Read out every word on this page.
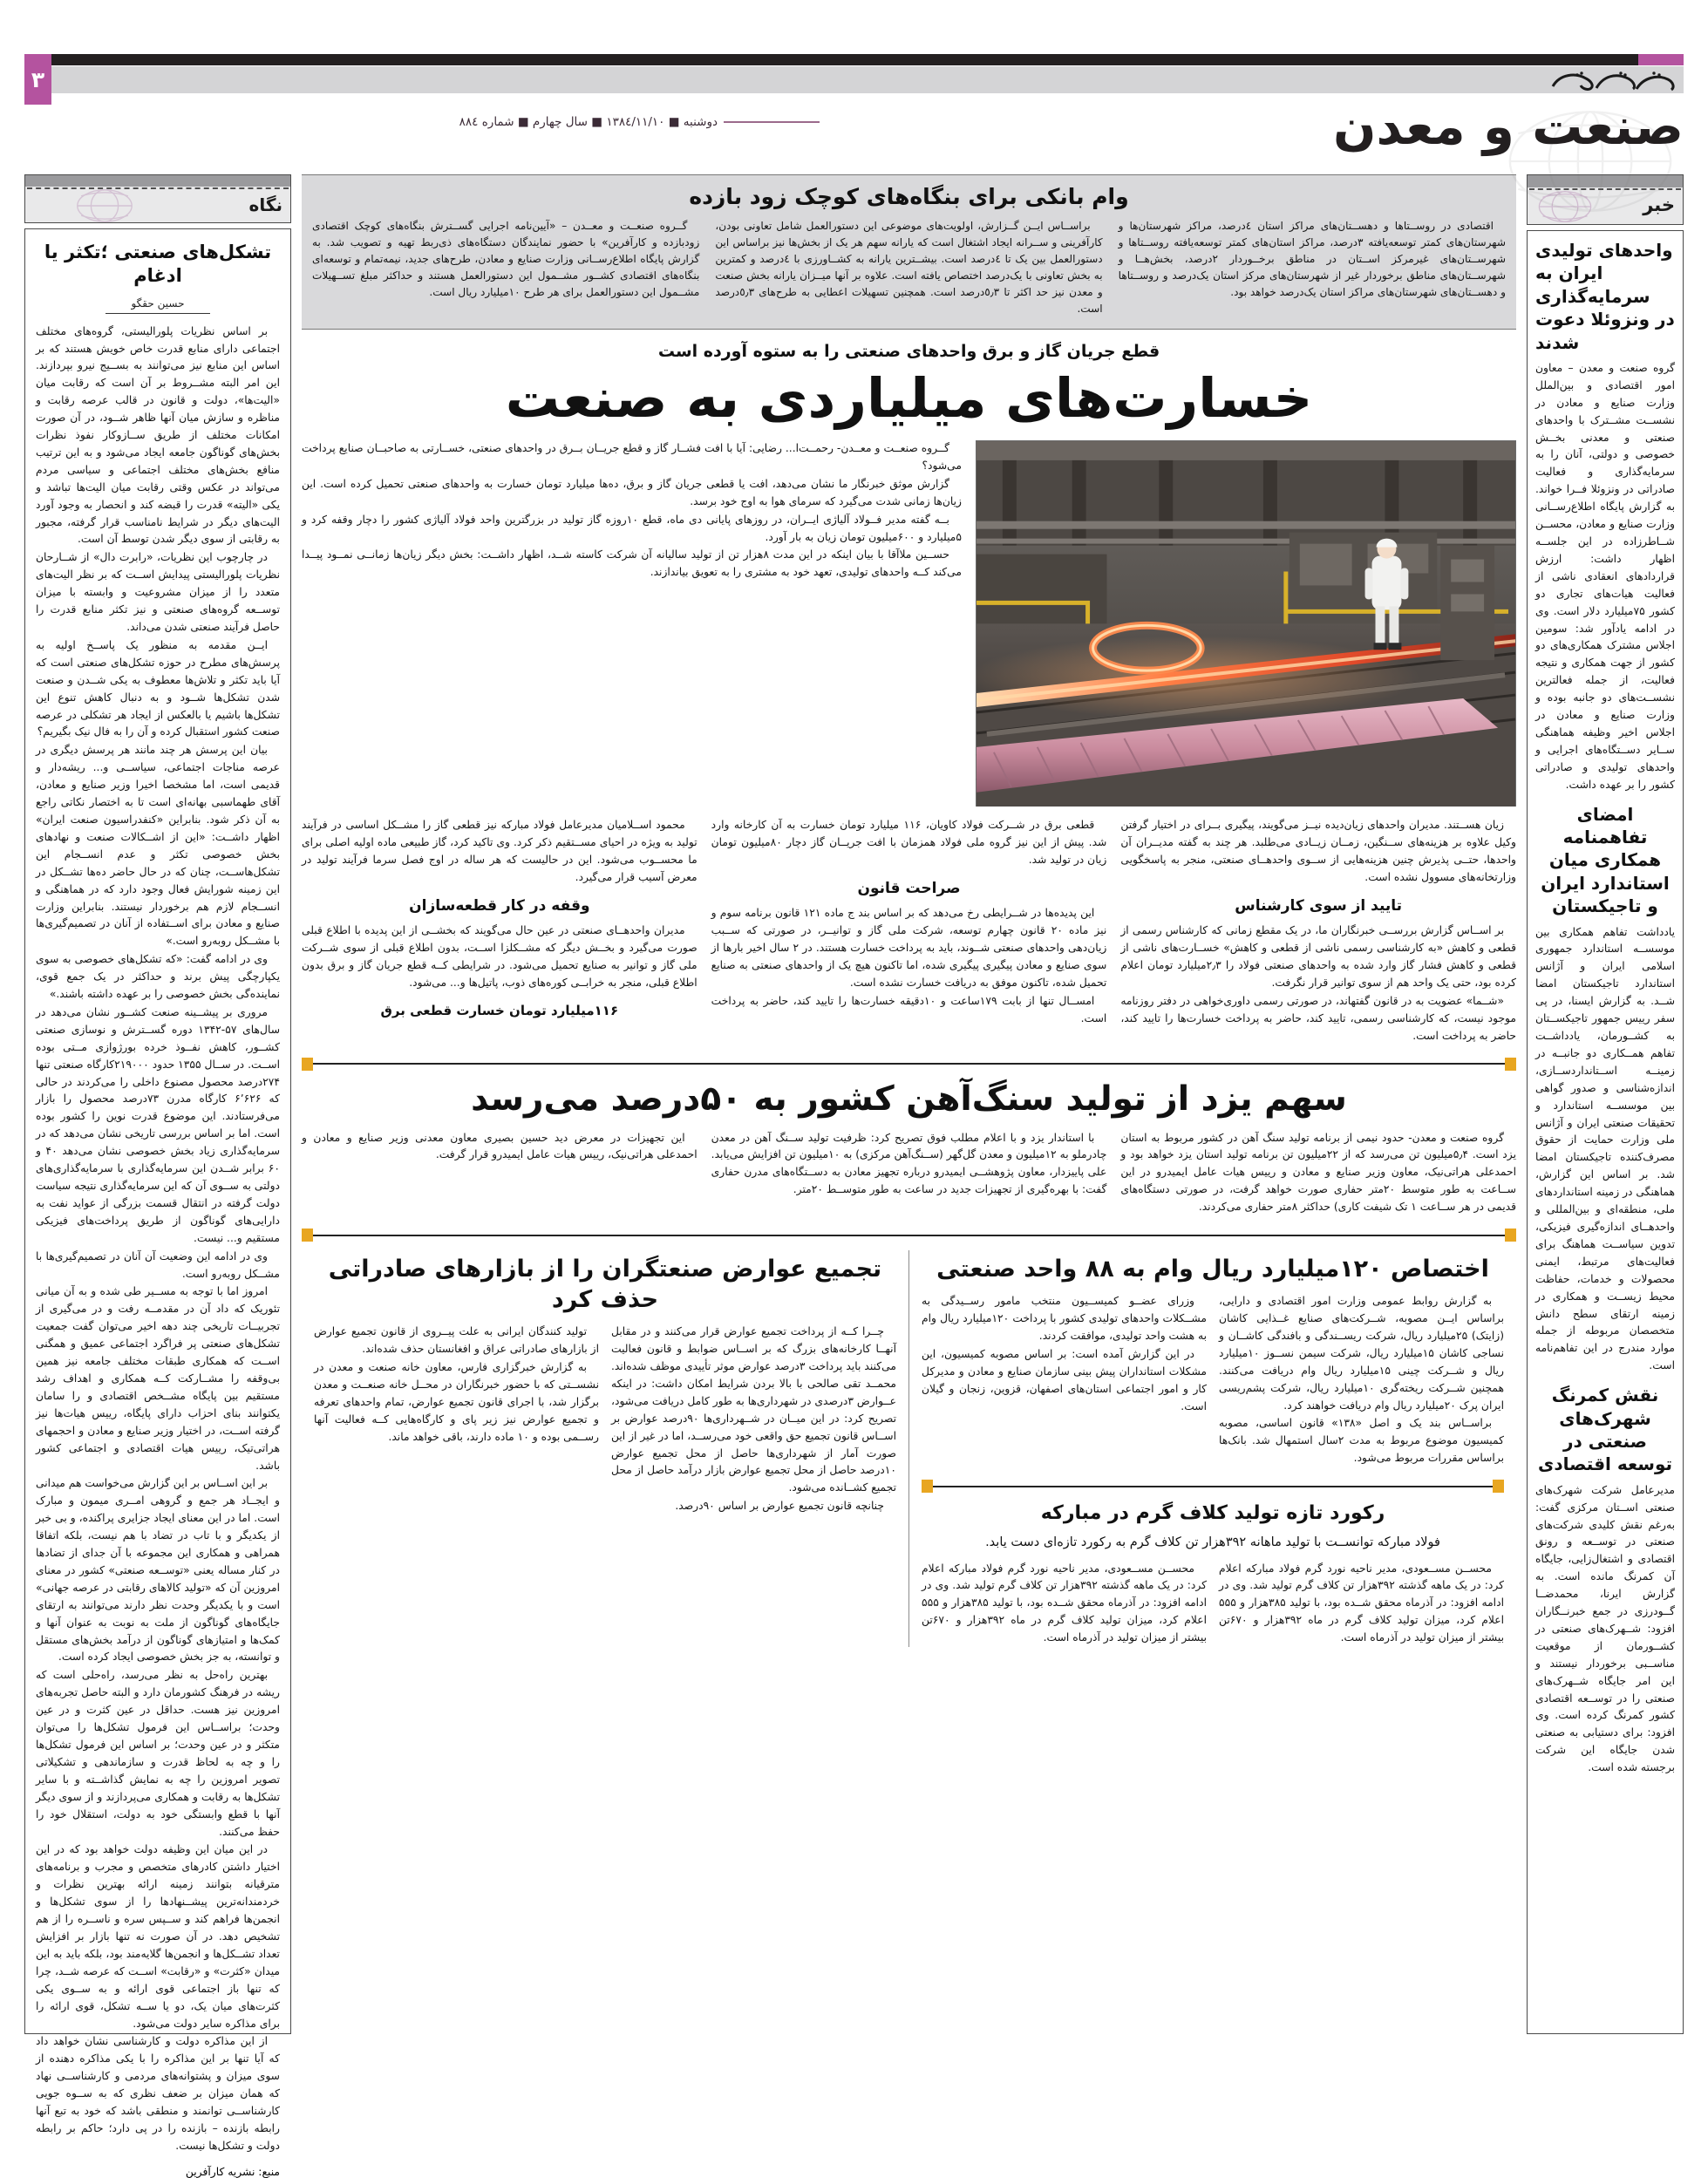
۳
دوشنبه ■ ۱۳۸٤/۱۱/۱۰ ■ سال چهارم ■ شماره ۸۸٤	صنعت و معدن
خبر
واحدهای تولیدی ایران به سرمایه‌گذاری در ونزوئلا دعوت شدند
گروه صنعت و معدن – معاون امور اقتصادی و بین‌الملل وزارت صنایع و معادن در نشســت مشــترک با واحدهای صنعتی و معدنی بخــش خصوصی و دولتی، آنان را به سرمایه‌گذاری و فعالیت صادراتی در ونزوئلا فــرا خواند. به گزارش پایگاه اطلاع‌رســانی وزارت صنایع و معادن، محســن شــاطرزاده در این جلســه اظهار داشت: ارزش قراردادهای انعقادی ناشی از فعالیت هیات‌های تجاری دو کشور ۷۵میلیارد دلار است. وی در ادامه یادآور شد: سومین اجلاس مشترک همکاری‌های دو کشور از جهت همکاری و نتیجه فعالیت، از جمله فعالترین نشســت‌های دو جانبه بوده و وزارت صنایع و معادن در اجلاس اخیر وظیفه هماهنگی ســایر دســتگاه‌های اجرایی و واحدهای تولیدی و صادراتی کشور را بر عهده داشت.
امضای تفاهمنامه همکاری میان استاندارد ایران و تاجیکستان
یادداشت تفاهم همکاری بین موسســه استاندارد جمهوری اسلامی ایران و آژانس استاندارد تاجیکستان امضا شــد. به گزارش ایسنا، در پی سفر رییس جمهور تاجیکســتان به کشــورمان، یادداشــت تفاهم همــکاری دو جانبــه در زمینــه اســتانداردســازی، اندازه‌شناسی و صدور گواهی بین موسســه استاندارد و تحقیقات صنعتی ایران و آژانس‌ ملی وزارت حمایت از حقوق مصرف‌کننده تاجیکستان امضا شد. بر اساس این گزارش، هماهنگی در زمینه استانداردهای ملی، منطقه‌ای و بین‌المللی و واحدهــای اندازه‌گیری فیزیکی، تدوین سیاســت هماهنگ برای فعالیت‌های مرتبط، ایمنی محصولات و خدمات، حفاظت محیط زیســت و همکاری در زمینه ارتقای سطح دانش متخصصان مربوطه از جمله موارد مندرج در این تفاهم‌نامه است.
نقش کمرنگ شهرک‌های صنعتی در توسعه اقتصادی
مدیرعامل شرکت شهرک‌های صنعتی اســتان مرکزی گفت: به‌رغم نقش کلیدی شرکت‌های صنعتی در توســعه و رونق اقتصادی و اشتغال‌زایی، جایگاه آن کمرنگ مانده است. به گزارش ایرنا، محمدضــا گــودرزی در جمع خبرنــگاران افزود: شــهرک‌های صنعتی در کشــورمان از موقعیت مناســبی برخوردار نیستند و این امر جایگاه شــهرک‌های صنعتی را در توســعه اقتصادی کشور کمرنگ کرده است. وی افزود: برای دستیابی به صنعتی شدن جایگاه این شرکت برجسته شده است.
نگاه
تشکل‌های صنعتی ؛تکثر یا ادغام
حسین حقگو

بر اساس نظریات پلورالیستی، گروه‌های مختلف اجتماعی دارای منابع قدرت خاص خویش هستند که بر اساس این منابع نیز می‌توانند به بســیج نیرو بپردازند. این امر البته مشــروط بر آن است که رقابت میان «الیت‌ها»، دولت و قانون در قالب عرصه رقابت و مناظره و سازش میان آنها ظاهر شــود، در آن صورت امکانات مختلف از طریق ســازوکار نفوذ نظرات بخش‌های گوناگون جامعه ایجاد می‌شود و به این ترتیب منافع بخش‌های مختلف اجتماعی و سیاسی مردم می‌تواند در عکس وقتی رقابت میان الیت‌ها تباشد و یکی «الیته» قدرت را قبضه کند و انحصار به وجود آورد الیت‌های دیگر در شرایط نامناسب قرار گرفته، مجبور به رقابتی از سوی دیگر شدن توسط آن است.

در چارچوب این نظریات، «رابرت دال» از شــارحان نظریات پلورالیستی پیدایش اســت که بر نظر الیت‌های متعدد را از میزان مشروعیت و وابسته با میزان توســعه گروه‌های صنعتی و نیز تکثر منابع قدرت را حاصل فرآیند صنعتی شدن می‌داند.

ایــن مقدمه به منظور یک پاســخ اولیه به پرسش‌های مطرح در حوزه تشکل‌های صنعتی است که آیا باید تکثر و تلاش‌ها معطوف به یکی شــدن و صنعت شدن تشکل‌ها شــود و به دنبال کاهش تنوع این تشکل‌ها باشیم یا بالعکس از ایجاد هر تشکلی در عرصه صنعت کشور استقبال کرده و آن را به فال نیک بگیریم؟

بیان این پرسش هر چند مانند هر پرسش دیگری در عرصه مناجات اجتماعی، سیاســی و... ریشه‌دار و قدیمی است، اما مشخصا اخیرا وزیر صنایع و معادن، آقای طهماسبی بهانه‌ای است تا به اختصار نکاتی راجع به آن ذکر شود. بنابراین «کنفدراسیون صنعت ایران» اظهار داشــت: «این از اشــکالات صنعت و نهادهای بخش خصوصی تکثر و عدم انســجام این تشکل‌هاســت، چنان که در حال حاضر ده‌ها تشــکل در این زمینه شورایش فعال وجود دارد که در هماهنگی و انســجام لازم هم برخوردار نیستند. بنابراین وزارت صنایع و معادن برای اســتفاده از آنان در تصمیم‌گیری‌ها با مشــکل روبه‌رو است.»

وی در ادامه گفت: «که تشکل‌های خصوصی به سوی یکپارچگی پیش برند و حداکثر در یک جمع قوی، نماینده‌گی بخش خصوصی را بر عهده داشته باشند.»

مروری بر پیشــینه صنعت کشــور نشان می‌دهد در سال‌های ۵۷-۱۳۴۲ دوره گســترش و نوسازی صنعتی کشــور، کاهش نفــوذ خرده بورژوازی مــتی بوده اســت. در ســال ۱۳۵۵ حدود ۲۱۹۰۰۰کارگاه صنعتی تنها ۲۷۴درصد محصول مصنوع داخلی را می‌کردند در حالی که ۶٬۶۲۶ کارگاه مدرن ۷۳درصد محصول را بازار می‌فرستادند. این موضوع قدرت نوین را کشور بوده است. اما بر اساس بررسی تاریخی نشان می‌دهد که در سرمایه‌گذاری زیاد بخش خصوصی نشان می‌دهد ۴۰ و ۶۰ برابر شــدن این سرمایه‌گذاری با سرمایه‌گذاری‌های دولتی به ســوی آن که این سرمایه‌گذاری نتیجه سیاست دولت گرفته در انتقال قسمت بزرگی از عواید نفت به دارایی‌های گوناگون از طریق پرداخت‌های فیزیکی مستقیم و... نیست.

وی در ادامه این وضعیت آن آنان در تصمیم‌گیری‌ها با مشــکل روبه‌رو است.

امروز اما با توجه به مســیر طی شده و به آن میانی تئوریک که داد آن در مقدمــه رفت و در می‌گیری از تجربیــات تاریخی چند دهه اخیر می‌توان گفت جمعیت تشکل‌های صنعتی پر فراگرد اجتماعی عمیق و همگنی اســت که همکاری طبقات مختلف جامعه نیز همین بی‌وقفه را مشــارکت کــه همکاری و اهداف رشد مستقیم بین پایگاه مشــخص اقتصادی و را سامان یکتوانند بنای احزاب دارای پایگاه، رییس هیات‌ها نیز گرفته اســت، در اختیار وزیر صنایع و معادن و احجمهای هراتی‌تیک، رییس هیات اقتصادی و اجتماعی کشور باشد.

بر این اســاس بر این گزارش می‌خواست هم میدانی و ایجــاد هر جمع و گروهی امــری میمون و مبارک است. اما در این معنای ایجاد جزایری پراکنده، و بی خبر از یکدیگر و با تاب در تضاد با هم نیست، بلکه اتفاقا همراهی و همکاری این مجموعه با آن جدای از تضادها در کنار مساله یعنی «توســعه صنعتی» کشور در معنای امروزین آن که «تولید کالاهای رقابتی در عرصه جهانی» است و با یکدیگر وحدت نظر دارند می‌توانند به ارتقای جایگاه‌های گوناگون از ملت به نوبت به عنوان آنها و کمک‌ها و امتیازهای گوناگون از درآمد بخش‌های مستقل و توانسته، به جز بخش خصوصی ایجاد کرده است.

بهترین راه‌حل به نظر می‌رسد، راه‌حلی است که ریشه در فرهنگ کشورمان دارد و البته حاصل تجربه‌های امروزین نیز هست. حداقل در عین کثرت و در عین وحدت؛ براســاس این فرمول تشکل‌ها را می‌توان متکثر و در عین وحدت؛ بر اساس این فرمول تشکل‌ها را و چه به لحاظ قدرت و سازماندهی و تشکیلاتی تصویر امروزین را چه به نمایش گذاشــته و با سایر تشکل‌ها به رقابت و همکاری می‌پردازند و از سوی دیگر آنها با قطع وابستگی خود به دولت، استقلال خود را حفظ می‌کنند.

در این میان این وظیفه دولت خواهد بود که در این اختیار داشتن کادرهای متخصص و مجرب و برنامه‌های مترقیانه بتوانند زمینه ارائه بهترین نظرات و خردمندانه‌ترین پیشــنهادها را از سوی تشکل‌ها و انجمن‌ها فراهم کند و ســپس سره و نا‌ســره را از هم تشخیص دهد. در آن صورت نه تنها بازار بر افزایش تعداد تشــکل‌ها و انجمن‌ها گلایه‌مند بود، بلکه باید به این میدان «کثرت» و «رقابت» اســت که عرصه شــد، چرا که تنها باز اجتماعی قوی ارائه و به ســوی یکی کثرت‌های میان یک، دو یا ســه تشکل، قوی ارائه را برای مذاکره سایر دولت می‌شود.

از این مذاکره دولت و کارشناسی نشان خواهد داد که آیا تنها بر این مذاکره را با یکی مذاکره دهنده از سوی میزان و پشتوانه‌های مردمی و کارشناســی نهاد که همان میزان بر ضعف نظری که به ســوه جویی کارشناســی توانمند و منطقی باشد که خود به تبع آنها رابطه بازنده – بازنده را در پی دارد؛ حاکم بر رابطه دولت و تشکل‌ها نیست.

منبع: نشریه کارآفرین
وام بانکی برای بنگاه‌های کوچک زود بازده

اقتصادی در روســتاها و دهســتان‌های مراکز استان ٤درصد، مراکز شهرستان‌ها و شهرستان‌های کمتر توسعه‌یافته ٣درصد، مراکز استان‌های کمتر توسعه‌یافته روســتاها و شهرســتان‌های غیرمرکز اســتان در مناطق برخــوردار ٢درصد، بخش‌هــا و شهرســتان‌های مناطق برخوردار غیر از شهرستان‌های مرکز استان یک‌درصد و روســتاها و دهســتان‌های شهرستان‌های مراکز استان یک‌درصد خواهد بود.

براســاس ایــن گــزارش، اولویت‌های موضوعی این دستورالعمل شامل تعاونی بودن، کارآفرینی و ســرانه ایجاد اشتغال است که یارانه سهم هر یک از بخش‌ها نیز براساس این دستورالعمل بین یک تا ٤درصد است. بیشــترین یارانه به کشــاورزی با ٤درصد و کمترین به بخش تعاونی با یک‌درصد اختصاص یافته است. علاوه بر آنها میــزان یارانه بخش صنعت و معدن نیز حد اکثر تا ٥٫٣درصد است. همچنین تسهیلات اعطایی به طرح‌های ٥٫٣درصد است.

گــروه صنعــت و معــدن – «آیین‌نامه اجرایی گســترش بنگاه‌های کوچک اقتصادی زودبازده و کارآفرین» با حضور نمایندگان دستگاه‌های ذی‌ربط تهیه و تصویب شد. به گزارش پایگاه اطلاع‌رســانی وزارت صنایع و معادن، طرح‌های جدید، نیمه‌تمام و توسعه‌ای بنگاه‌های اقتصادی کشــور مشــمول این دستورالعمل هستند و حداکثر مبلغ تســهیلات مشــمول این دستورالعمل برای هر طرح ۱۰میلیارد ریال است.

قطع جریان گاز و برق واحدهای صنعتی را به ستوه آورده است
خسارت‌های میلیاردی به صنعت

گــروه صنعــت و معــدن- رحمــت‌ا... رضایی: آیا با افت فشــار گاز و قطع جریــان بــرق در واحدهای صنعتی، خســارتی به صاحبــان صنایع پرداخت می‌شود؟

گزارش موثق خبرنگار ما نشان می‌دهد، افت یا قطعی جریان گاز و برق، ده‌ها میلیارد تومان خسارت به واحدهای صنعتی تحمیل کرده است. این زیان‌ها زمانی شدت می‌گیرد که سرمای هوا به اوج خود برسد.

بــه گفته مدیر فــولاد آلیاژی ایــران، در روزهای پایانی دی ماه، قطع ۱۰روزه گاز تولید در بزرگترین واحد فولاد آلیاژی کشور را دچار وقفه کرد و ۵میلیارد و ۶۰۰میلیون تومان زیان به بار آورد.

حســین ملاآقا با بیان اینکه در این مدت ۸هزار تن از تولید سالیانه آن شرکت کاسته شــد، اظهار داشــت: بخش دیگر زیان‌ها زمانــی نمــود پیــدا می‌کند کــه واحدهای تولیدی، تعهد خود به مشتری را به تعویق بیاندازند.

زیان هســتند. مدیران واحدهای زیان‌دیده نیــز می‌گویند، پیگیری بــرای در اختیار گرفتن وکیل علاوه بر هزینه‌های ســنگین، زمــان زیــادی می‌طلبد. هر چند به گفته مدیــران آن واحدها، حتــی پذیرش چنین هزینه‌هایی از ســوی واحدهــای صنعتی، منجر به پاسخگویی وزارتخانه‌های مسوول نشده است.

تایید از سوی کارشناس

بر اســاس گزارش بررســی خبرنگاران ما، در یک مقطع زمانی که کارشناس رسمی از قطعی و کاهش «به کارشناسی رسمی ناشی از قطعی و کاهش» خســارت‌های ناشی از قطعی و کاهش فشار گاز وارد شده به واحدهای صنعتی فولاد را ۲٫۳میلیارد تومان اعلام کرده بود، حتی یک واحد هم از سوی توانیر قرار نگرفت.

«شــما» عضویت به در قانون گفتهاند، در صورتی رسمی داوری‌خواهی در دفتر روزنامه موجود نیست، که کارشناسی رسمی، تایید کند، حاضر به پرداخت خسارت‌ها را تایید کند، حاضر به پرداخت است.

قطعی برق در شــرکت فولاد کاویان، ۱۱۶ میلیارد تومان خسارت به آن کارخانه وارد شد. پیش از این نیز گروه ملی فولاد همزمان با افت جریــان گاز دچار ۸۰میلیون تومان زیان در تولید شد.

صراحت قانون

این پدیده‌ها در شــرایطی رخ می‌دهد که بر اساس بند ج ماده ۱۲۱ قانون برنامه سوم و نیز ماده ۲۰ قانون چهارم توسعه، شرکت ملی گاز و توانیــر، در صورتی که ســبب زیان‌دهی واحدهای صنعتی شــوند، باید به پرداخت خسارت هستند. در ۲ سال اخیر بارها از سوی صنایع و معادن پیگیری پیگیری شده، اما تاکنون هیچ یک از واحدهای صنعتی به صنایع تحمیل شده، تاکنون موفق به دریافت خسارت نشده است.

امســال تنها از بابت ۱۷۹ساعت و ۱۰دقیقه خسارت‌ها را تایید کند، حاضر به پرداخت است.

محمود اســلامیان مدیرعامل فولاد مبارکه نیز قطعی گاز را مشــکل اساسی در فرآیند تولید به ویژه در احیای مســتقیم ذکر کرد. وی تاکید کرد، گاز طبیعی ماده اولیه اصلی برای ما محســوب می‌شود. این در حالیست که هر ساله در اوج فصل سرما فرآیند تولید در معرض آسیب قرار می‌گیرد.

وقفه در کار قطعه‌سازان

مدیران واحدهــای صنعتی در عین حال می‌گویند که بخشــی از این پدیده با اطلاع قبلی صورت می‌گیرد و بخــش دیگر که مشــکلزا اســت، بدون اطلاع قبلی از سوی شــرکت ملی گاز و توانیر به صنایع تحمیل می‌شود. در شرایطی کــه قطع جریان گاز و برق بدون اطلاع قبلی، منجر به خرابــی کوره‌های ذوب، پاتیل‌ها و... می‌شود.

۱۱۶میلیارد تومان خسارت قطعی برق
سهم یزد از تولید سنگ‌آهن کشور به ۵۰درصد می‌رسد

گروه صنعت و معدن- حدود نیمی از برنامه تولید سنگ آهن در کشور مربوط به استان یزد است. ۵٫۴میلیون تن می‌رسد که از ۲۲میلیون تن برنامه تولید استان یزد خواهد بود و احمدعلی هراتی‌نیک، معاون وزیر صنایع و معادن و رییس هیات عامل ایمیدرو در این ســاعت به طور متوسط ۲۰متر حفاری صورت خواهد گرفت، در صورتی دستگاه‌های قدیمی در هر ســاعت ۱ تک شیفت کاری) حداکثر ۸متر حفاری می‌کردند.

با استاندار یزد و با اعلام مطلب فوق تصریح کرد: ظرفیت تولید ســنگ آهن در معدن چادرملو به ۱۲میلیون و معدن گل‌گهر (ســنگ‌آهن مرکزی) به ۱۰میلیون تن افزایش می‌یابد. علی پاییزدار، معاون پژوهشــی ایمیدرو درباره تجهیز معادن به دســتگاه‌های مدرن حفاری گفت: با بهره‌گیری از تجهیزات جدید در ساعت به طور متوســط ۲۰متر.

این تجهیزات در معرض دید حسین بصیری معاون معدنی وزیر صنایع و معادن و احمدعلی هراتی‌نیک، رییس هیات عامل ایمیدرو قرار گرفت.

اختصاص ۱۲۰میلیارد ریال وام به ۸۸ واحد صنعتی

به گزارش روابط عمومی وزارت امور اقتصادی و دارایی، براساس ایــن مصوبه، شــرکت‌های صنایع غــذایی کاشان (زایتک) ۲۵میلیارد ریال، شرکت ریســندگی و بافندگی کاشــان و نساجی کاشان ۱۵میلیارد ریال، شرکت سیمن نســوز ۱۰میلیارد ریال و شــرکت چینی ۱۵میلیارد ریال وام دریافت می‌کنند. همچنین شــرکت ریخته‌گری ۱۰میلیارد ریال، شرکت پشم‌ریسی ایران پرک ۲۰میلیارد ریال وام دریافت خواهند کرد.

براســاس بند یک و اصل «۱۳۸» قانون اساسی، مصوبه کمیسیون موضوع مربوط به مدت ۲سال استمهال شد. بانک‌ها براساس مقررات مربوط می‌شود.

وزرای عضــو کمیســیون منتخب مامور رســیدگی به مشــکلات واحدهای تولیدی کشور با پرداخت ۱۲۰میلیارد ریال وام به هشت واحد تولیدی، موافقت کردند.

در این گزارش آمده است: بر اساس مصوبه کمیسیون، این مشکلات استانداران پیش بینی سازمان صنایع و معادن و مدیرکل کار و امور اجتماعی استان‌های اصفهان، قزوین، زنجان و گیلان است.

رکورد تازه تولید کلاف گرم در مبارکه
فولاد مبارکه توانســت با تولید ماهانه ۳۹۲هزار تن کلاف گرم به رکورد تازه‌ای دست یابد.

محســن مســعودی، مدیر ناحیه نورد گرم فولاد مبارکه اعلام کرد: در یک ماهه گذشته ۳۹۲هزار تن کلاف گرم تولید شد. وی در ادامه افزود: در آذرماه محقق شــده بود، با تولید ۳۸۵هزار و ۵۵۵ اعلام کرد، میزان تولید کلاف گرم در ماه ۳۹۲هزار و ۶۷۰تن بیشتر از میزان تولید در آذرماه است.

محســن مســعودی، مدیر ناحیه نورد گرم فولاد مبارکه اعلام کرد: در یک ماهه گذشته ۳۹۲هزار تن کلاف گرم تولید شد. وی در ادامه افزود: در آذرماه محقق شــده بود، با تولید ۳۸۵هزار و ۵۵۵ اعلام کرد، میزان تولید کلاف گرم در ماه ۳۹۲هزار و ۶۷۰تن بیشتر از میزان تولید در آذرماه است.

تجمیع عوارض صنعتگران را از بازارهای صادراتی حذف کرد

چــرا کــه از پرداخت تجمیع عوارض قرار می‌کنند و در مقابل آنهــا کارخانه‌های بزرگ که بر اســاس ضوابط و قانون فعالیت می‌کنند باید پرداخت ۳درصد عوارض موثر تأییدی موظف شده‌اند. محمــد تقی صالحی با بالا بردن شرایط امکان داشت: در اینکه عــوارض ۳درصدی در شهرداری‌ها به طور کامل دریافت می‌شود، تصریح کرد: در این میــان در شــهرداری‌ها ۹۰درصد عوارض بر اســاس قانون تجمیع حق واقعی خود می‌رســد، اما در غیر از این صورت آمار از شهرداری‌ها حاصل از محل تجمیع عوارض ۱۰درصد حاصل از محل تجمیع عوارض بازار درآمد حاصل از محل تجمیع کشــانده می‌شود.

چنانچه قانون تجمیع عوارض بر اساس ۹۰درصد.

تولید کنندگان ایرانی به علت پیــروی از قانون تجمیع عوارض از بازارهای صادراتی عراق و افغانستان حذف شده‌اند.

به گزارش خبرگزاری فارس، معاون خانه صنعت و معدن در نشســتی که با حضور خبرنگاران در محــل خانه صنعــت و معدن برگزار شد، با اجرای قانون تجمیع عوارض، تمام واحدهای تعرفه و تجمیع عوارض نیز زیر پای و کارگاه‌هایی کــه فعالیت آنها رســمی بوده و ۱۰ ماده دارند، باقی خواهد ماند.
